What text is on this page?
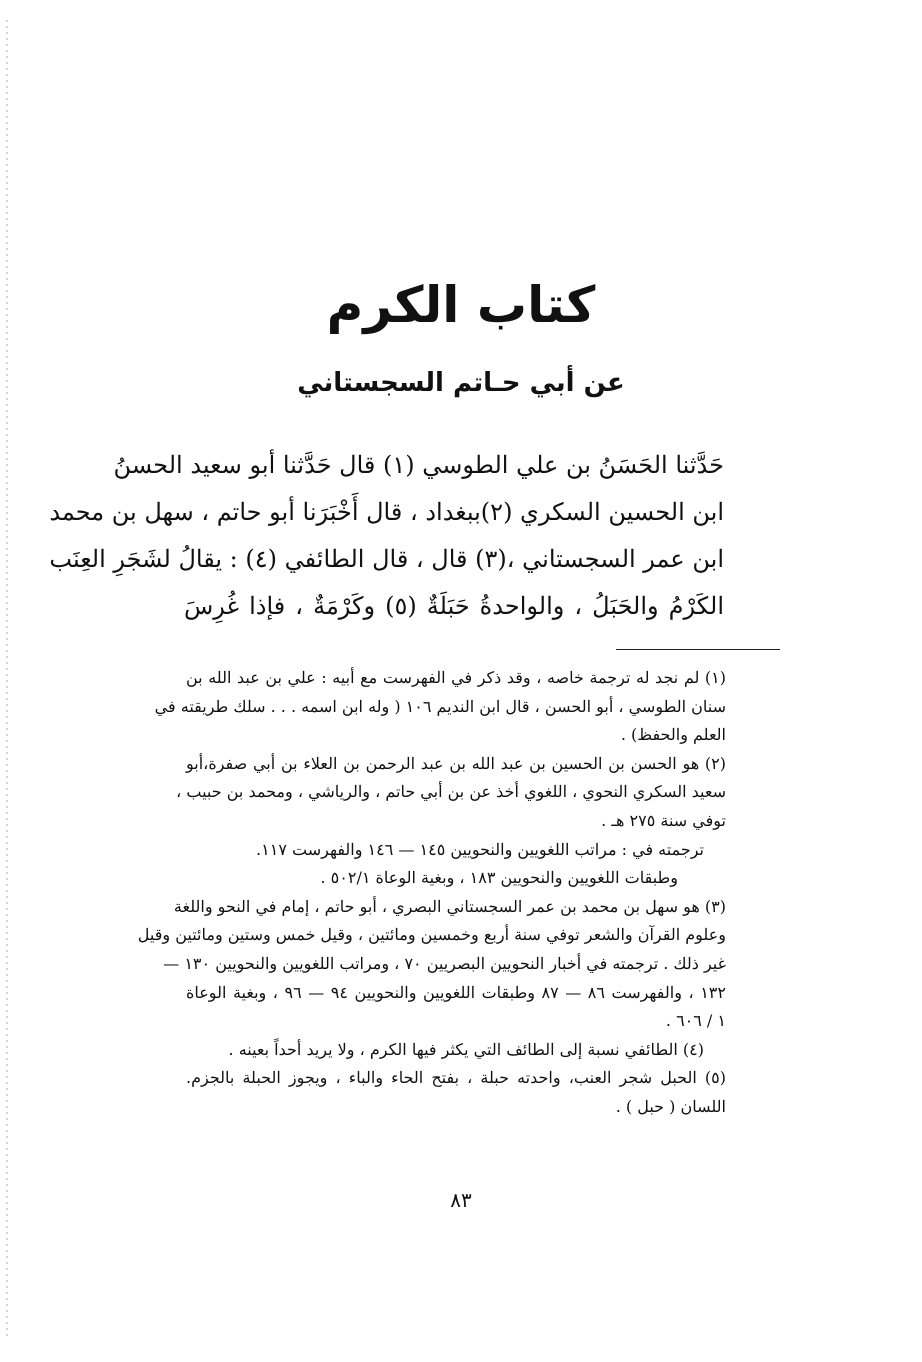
كتاب الكرم
عن أبي حـاتم السجستاني
حَدَّثنا الحَسَنُ بن علي الطوسي (١) قال حَدَّثنا أبو سعيد الحسنُ
ابن الحسين السكري (٢)ببغداد ، قال أَخْبَرَنا أبو حاتم ، سهل بن محمد
ابن عمر السجستاني ،(٣) قال ، قال الطائفي (٤) : يقالُ لشَجَرِ العِنَب
الكَرْمُ والحَبَلُ ، والواحدةُ حَبَلَةٌ (٥) وكَرْمَةٌ ، فإذا غُرِسَ
(١) لم نجد له ترجمة خاصه ، وقد ذكر في الفهرست مع أبيه : علي بن عبد الله بن
سنان الطوسي ، أبو الحسن ، قال ابن النديم ١٠٦ ( وله ابن اسمه . . . سلك طريقته في
العلم والحفظ) .
(٢) هو الحسن بن الحسين بن عبد الله بن عبد الرحمن بن العلاء بن أبي صفرة،أبو
سعيد السكري النحوي ، اللغوي أخذ عن بن أبي حاتم ، والرياشي ، ومحمد بن حبيب ،
توفي سنة ٢٧٥ هـ .
ترجمته في : مراتب اللغويين والنحويين ١٤٥ — ١٤٦ والفهرست ١١٧.
وطبقات اللغويين والنحويين ١٨٣ ، وبغية الوعاة ٥٠٢/١ .
(٣) هو سهل بن محمد بن عمر السجستاني البصري ، أبو حاتم ، إمام في النحو واللغة
وعلوم القرآن والشعر توفي سنة أربع وخمسين ومائتين ، وقيل خمس وستين ومائتين وقيل
غير ذلك . ترجمته في أخبار النحويين البصريين ٧٠ ، ومراتب اللغويين والنحويين ١٣٠ —
١٣٢ ، والفهرست ٨٦ — ٨٧ وطبقات اللغويين والنحويين ٩٤ — ٩٦ ، وبغية الوعاة
١ / ٦٠٦ .
(٤) الطائفي نسبة إلى الطائف التي يكثر فيها الكرم ، ولا يريد أحداً بعينه .
(٥) الحبل شجر العنب، واحدته حبلة ، بفتح الحاء والباء ، ويجوز الحبلة بالجزم.
اللسان ( حبل ) .
٨٣
